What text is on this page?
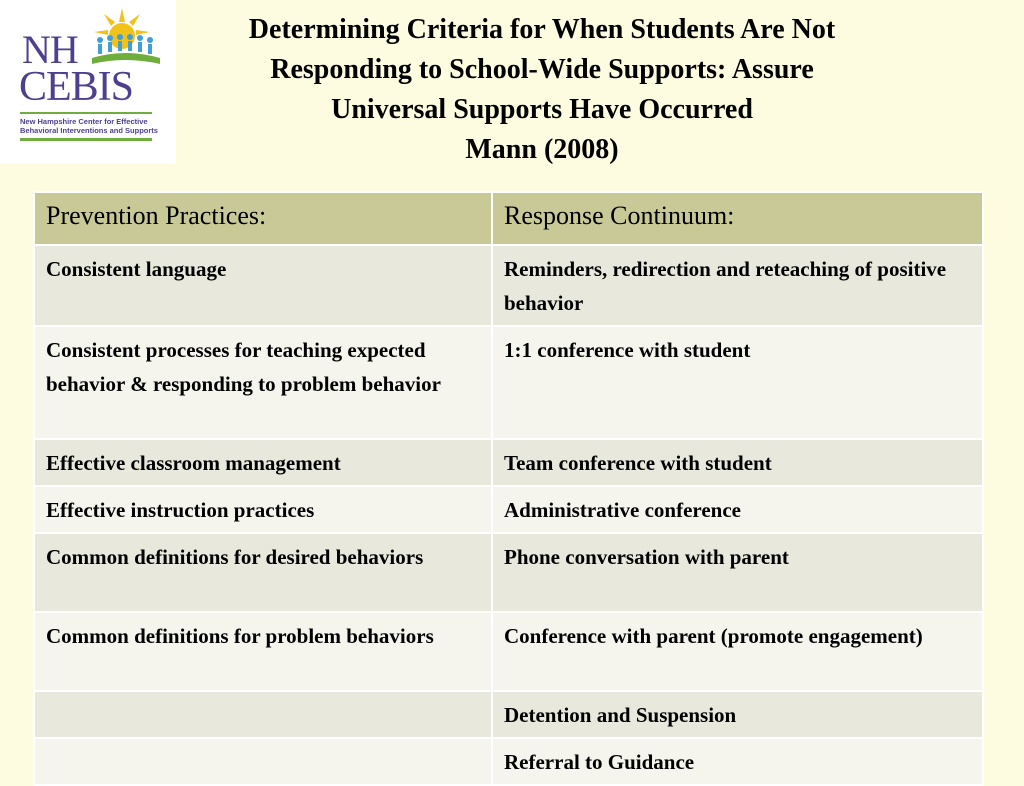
NH
CEBIS
New Hampshire Center for Effective Behavioral Interventions and Supports
Determining Criteria for When Students Are Not
Responding to School-Wide Supports: Assure
Universal Supports Have Occurred
Mann (2008)
Prevention Practices:	Response Continuum:
Consistent language	Reminders, redirection and reteaching of positive behavior
Consistent processes for teaching expected behavior & responding to problem behavior	1:1 conference with student
Effective classroom management	Team conference with student
Effective instruction practices	Administrative conference
Common definitions for desired behaviors	Phone conversation with parent
Common definitions for problem behaviors	Conference with parent (promote engagement)
	Detention and Suspension
	Referral to Guidance
